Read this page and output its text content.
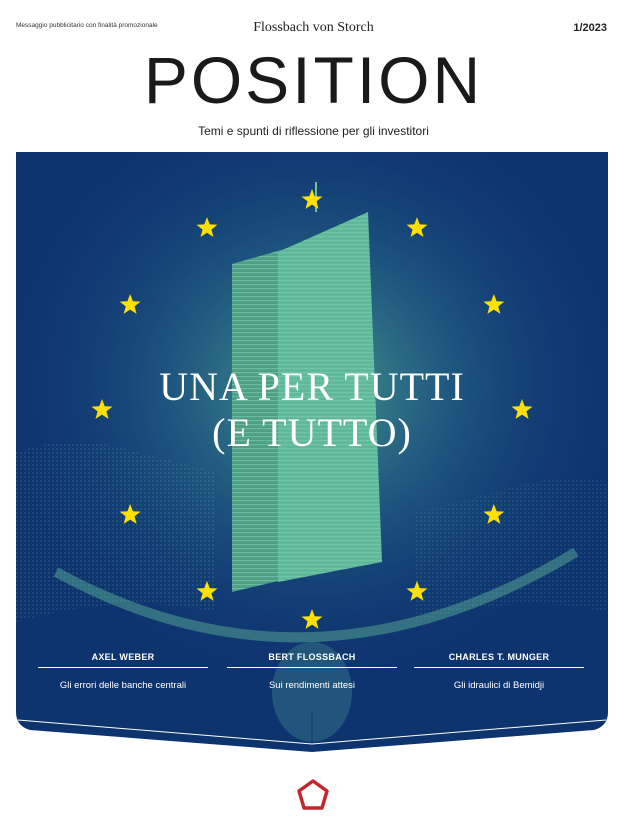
Messaggio pubblicitario con finalità promozionale	Flossbach von Storch	1/2023
POSITION
Temi e spunti di riflessione per gli investitori
UNA PER TUTTI
(E TUTTO)
AXEL WEBER
Gli errori delle banche centrali
BERT FLOSSBACH
Sui rendimenti attesi
CHARLES T. MUNGER
Gli idraulici di Bemidji
